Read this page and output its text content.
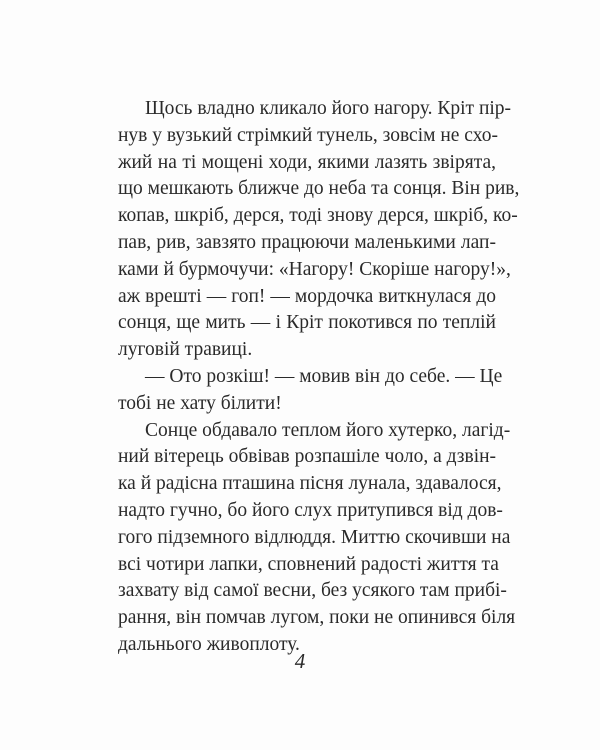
Щось владно кликало його нагору. Кріт пір-
нув у вузький стрімкий тунель, зовсім не схо-
жий на ті мощені ходи, якими лазять звірята,
що мешкають ближче до неба та сонця. Він рив,
копав, шкріб, дерся, тоді знову дерся, шкріб, ко-
пав, рив, завзято працюючи маленькими лап-
ками й бурмочучи: «Нагору! Скоріше нагору!»,
аж врешті — гоп! — мордочка виткнулася до
сонця, ще мить — і Кріт покотився по теплій
луговій травиці.
— Ото розкіш! — мовив він до себе. — Це
тобі не хату білити!
Сонце обдавало теплом його хутерко, лагід-
ний вітерець обвівав розпашіле чоло, а дзвін-
ка й радісна пташина пісня лунала, здавалося,
надто гучно, бо його слух притупився від дов-
гого підземного відлюддя. Миттю скочивши на
всі чотири лапки, сповнений радості життя та
захвату від самої весни, без усякого там прибі-
рання, він помчав лугом, поки не опинився біля
дальнього живоплоту.
4
